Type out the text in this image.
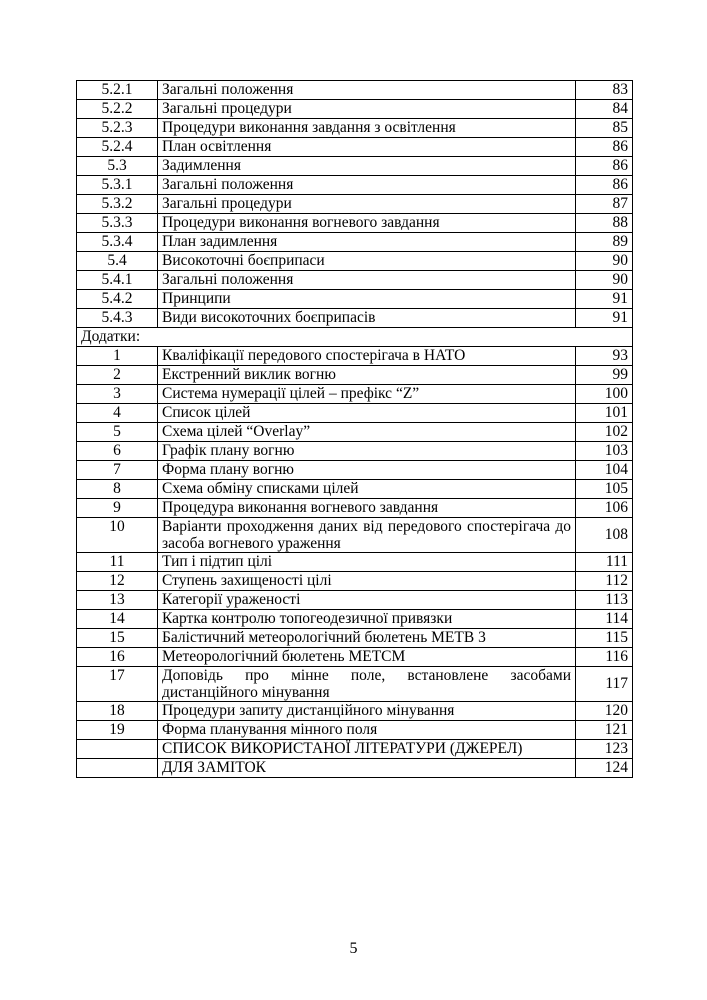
5.2.1	Загальні положення	83
5.2.2	Загальні процедури	84
5.2.3	Процедури виконання завдання з освітлення	85
5.2.4	План освітлення	86
5.3	Задимлення	86
5.3.1	Загальні положення	86
5.3.2	Загальні процедури	87
5.3.3	Процедури виконання вогневого завдання	88
5.3.4	План задимлення	89
5.4	Високоточні боєприпаси	90
5.4.1	Загальні положення	90
5.4.2	Принципи	91
5.4.3	Види високоточних боєприпасів	91
Додатки:		
1	Кваліфікації передового спостерігача в НАТО	93
2	Екстренний виклик вогню	99
3	Система нумерації цілей – префікс “Z”	100
4	Список цілей	101
5	Схема цілей “Overlay”	102
6	Графік плану вогню	103
7	Форма плану вогню	104
8	Схема обміну списками цілей	105
9	Процедура виконання вогневого завдання	106
10	Варіанти проходження даних від передового спостерігача до засоба вогневого ураження	108
11	Тип і підтип цілі	111
12	Ступень захищеності цілі	112
13	Категорії ураженості	113
14	Картка контролю топогеодезичної привязки	114
15	Балістичний метеорологічний бюлетень МЕТВ 3	115
16	Метеорологічний бюлетень МЕТСМ	116
17	Доповідь про мінне поле, встановлене засобами дистанційного мінування	117
18	Процедури запиту дистанційного мінування	120
19	Форма планування мінного поля	121
	СПИСОК ВИКОРИСТАНОЇ ЛІТЕРАТУРИ (ДЖЕРЕЛ)	123
	ДЛЯ ЗАМІТОК	124
5
